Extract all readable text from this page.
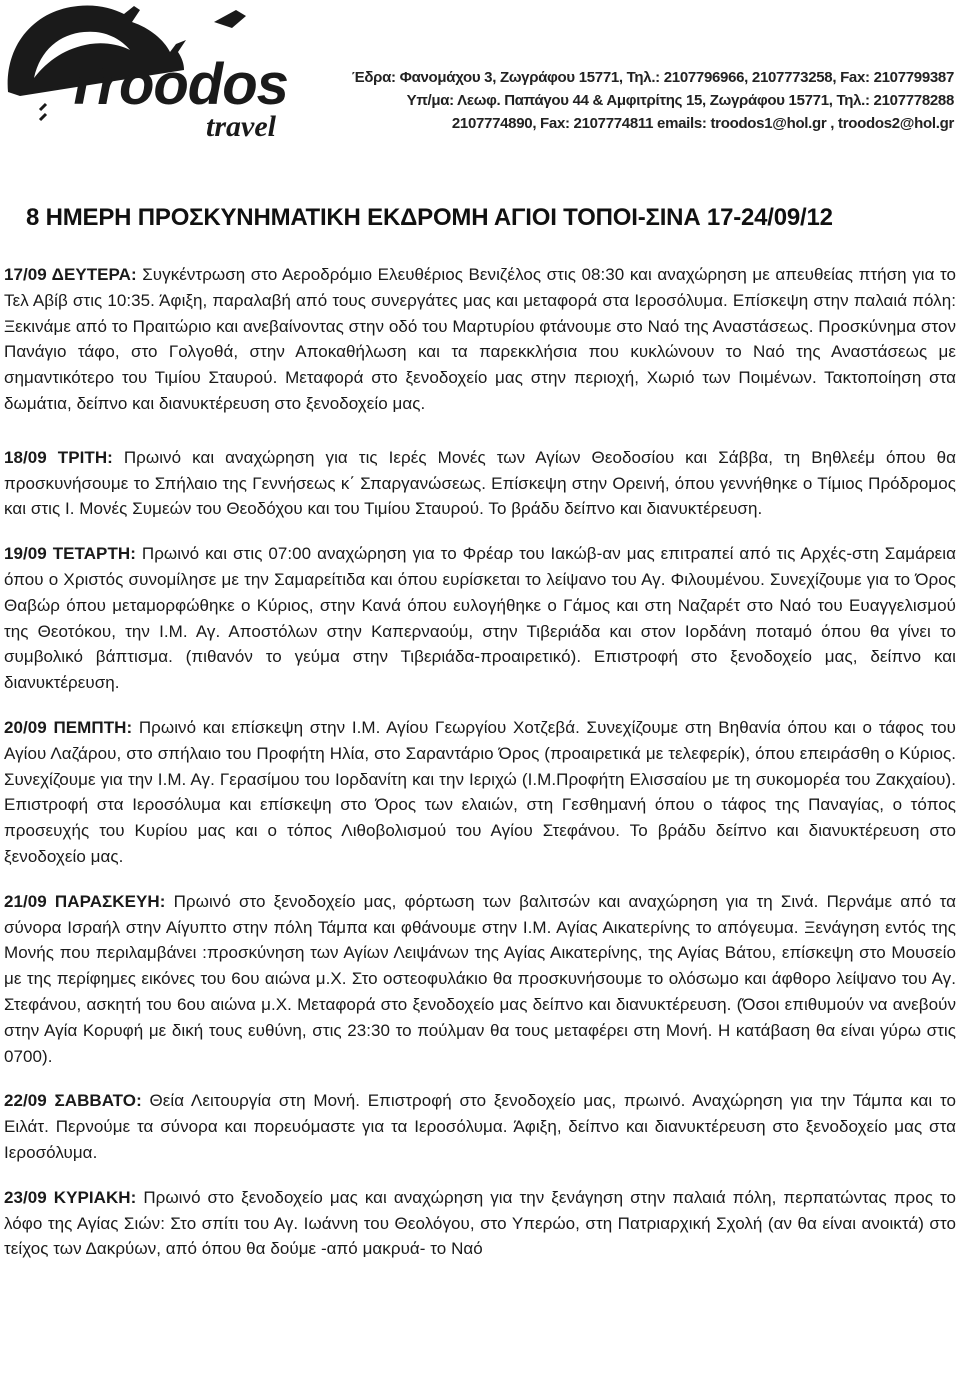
Troodos
travel
Έδρα: Φανομάχου 3, Ζωγράφου 15771, Τηλ.: 2107796966, 2107773258, Fax: 2107799387
Υπ/μα: Λεωφ. Παπάγου 44 & Αμφιτρίτης 15, Ζωγράφου 15771, Τηλ.: 2107778288
2107774890, Fax: 2107774811 emails: troodos1@hol.gr , troodos2@hol.gr
8 ΗΜΕΡΗ ΠΡΟΣΚΥΝΗΜΑΤΙΚΗ ΕΚΔΡΟΜΗ ΑΓΙΟΙ ΤΟΠΟΙ-ΣΙΝΑ 17-24/09/12

17/09 ΔΕΥΤΕΡΑ: Συγκέντρωση στο Αεροδρόμιο Ελευθέριος Βενιζέλος στις 08:30 και αναχώρηση με απευθείας πτήση για το Τελ Αβίβ στις 10:35. Άφιξη, παραλαβή από τους συνεργάτες μας και μεταφορά στα Ιεροσόλυμα. Επίσκεψη στην παλαιά πόλη: Ξεκινάμε από το Πραιτώριο και ανεβαίνοντας στην οδό του Μαρτυρίου φτάνουμε στο Ναό της Αναστάσεως. Προσκύνημα στον Πανάγιο τάφο, στο Γολγοθά, στην Αποκαθήλωση και τα παρεκκλήσια που κυκλώνουν το Ναό της Αναστάσεως με σημαντικότερο του Τιμίου Σταυρού. Μεταφορά στο ξενοδοχείο μας στην περιοχή, Χωριό των Ποιμένων. Τακτοποίηση στα δωμάτια, δείπνο και διανυκτέρευση στο ξενοδοχείο μας.

18/09 ΤΡΙΤΗ: Πρωινό και αναχώρηση για τις Ιερές Μονές των Αγίων Θεοδοσίου και Σάββα, τη Βηθλεέμ όπου θα προσκυνήσουμε το Σπήλαιο της Γεννήσεως κ΄ Σπαργανώσεως. Επίσκεψη στην Ορεινή, όπου γεννήθηκε ο Τίμιος Πρόδρομος και στις Ι. Μονές Συμεών του Θεοδόχου και του Τιμίου Σταυρού. Το βράδυ δείπνο και διανυκτέρευση.

19/09 ΤΕΤΑΡΤΗ: Πρωινό και στις 07:00 αναχώρηση για το Φρέαρ του Ιακώβ-αν μας επιτραπεί από τις Αρχές-στη Σαμάρεια όπου ο Χριστός συνομίλησε με την Σαμαρείτιδα και όπου ευρίσκεται το λείψανο του Αγ. Φιλουμένου. Συνεχίζουμε για το Όρος Θαβώρ όπου μεταμορφώθηκε ο Κύριος, στην Κανά όπου ευλογήθηκε ο Γάμος και στη Ναζαρέτ στο Ναό του Ευαγγελισμού της Θεοτόκου, την Ι.Μ. Αγ. Αποστόλων στην Καπερναούμ, στην Τιβεριάδα και στον Ιορδάνη ποταμό όπου θα γίνει το συμβολικό βάπτισμα. (πιθανόν το γεύμα στην Τιβεριάδα-προαιρετικό). Επιστροφή στο ξενοδοχείο μας, δείπνο και διανυκτέρευση.

20/09 ΠΕΜΠΤΗ: Πρωινό και επίσκεψη στην Ι.Μ. Αγίου Γεωργίου Χοτζεβά. Συνεχίζουμε στη Βηθανία όπου και ο τάφος του Αγίου Λαζάρου, στο σπήλαιο του Προφήτη Ηλία, στο Σαραντάριο Όρος (προαιρετικά με τελεφερίκ), όπου επειράσθη ο Κύριος. Συνεχίζουμε για την Ι.Μ. Αγ. Γερασίμου του Ιορδανίτη και την Ιεριχώ (Ι.Μ.Προφήτη Ελισσαίου με τη συκομορέα του Ζακχαίου). Επιστροφή στα Ιεροσόλυμα και επίσκεψη στο Όρος των ελαιών, στη Γεσθημανή όπου ο τάφος της Παναγίας, ο τόπος προσευχής του Κυρίου μας και ο τόπος Λιθοβολισμού του Αγίου Στεφάνου. Το βράδυ δείπνο και διανυκτέρευση στο ξενοδοχείο μας.

21/09 ΠΑΡΑΣΚΕΥΗ: Πρωινό στο ξενοδοχείο μας, φόρτωση των βαλιτσών και αναχώρηση για τη Σινά. Περνάμε από τα σύνορα Ισραήλ στην Αίγυπτο στην πόλη Τάμπα και φθάνουμε στην Ι.Μ. Αγίας Αικατερίνης το απόγευμα. Ξενάγηση εντός της Μονής που περιλαμβάνει :προσκύνηση των Αγίων Λειψάνων της Αγίας Αικατερίνης, της Αγίας Βάτου, επίσκεψη στο Μουσείο με της περίφημες εικόνες του 6ου αιώνα μ.Χ. Στο οστεοφυλάκιο θα προσκυνήσουμε το ολόσωμο και άφθορο λείψανο του Αγ. Στεφάνου, ασκητή του 6ου αιώνα μ.Χ. Μεταφορά στο ξενοδοχείο μας δείπνο και διανυκτέρευση. (Όσοι επιθυμούν να ανεβούν στην Αγία Κορυφή με δική τους ευθύνη, στις 23:30 το πούλμαν θα τους μεταφέρει στη Μονή. Η κατάβαση θα είναι γύρω στις 0700).

22/09 ΣΑΒΒΑΤΟ: Θεία Λειτουργία στη Μονή. Επιστροφή στο ξενοδοχείο μας, πρωινό. Αναχώρηση για την Τάμπα και το Ειλάτ. Περνούμε τα σύνορα και πορευόμαστε για τα Ιεροσόλυμα. Άφιξη, δείπνο και διανυκτέρευση στο ξενοδοχείο μας στα Ιεροσόλυμα.

23/09 ΚΥΡΙΑΚΗ: Πρωινό στο ξενοδοχείο μας και αναχώρηση για την ξενάγηση στην παλαιά πόλη, περπατώντας προς το λόφο της Αγίας Σιών: Στο σπίτι του Αγ. Ιωάννη του Θεολόγου, στο Υπερώο, στη Πατριαρχική Σχολή (αν θα είναι ανοικτά) στο τείχος των Δακρύων, από όπου θα δούμε -από μακρυά- το Ναό
